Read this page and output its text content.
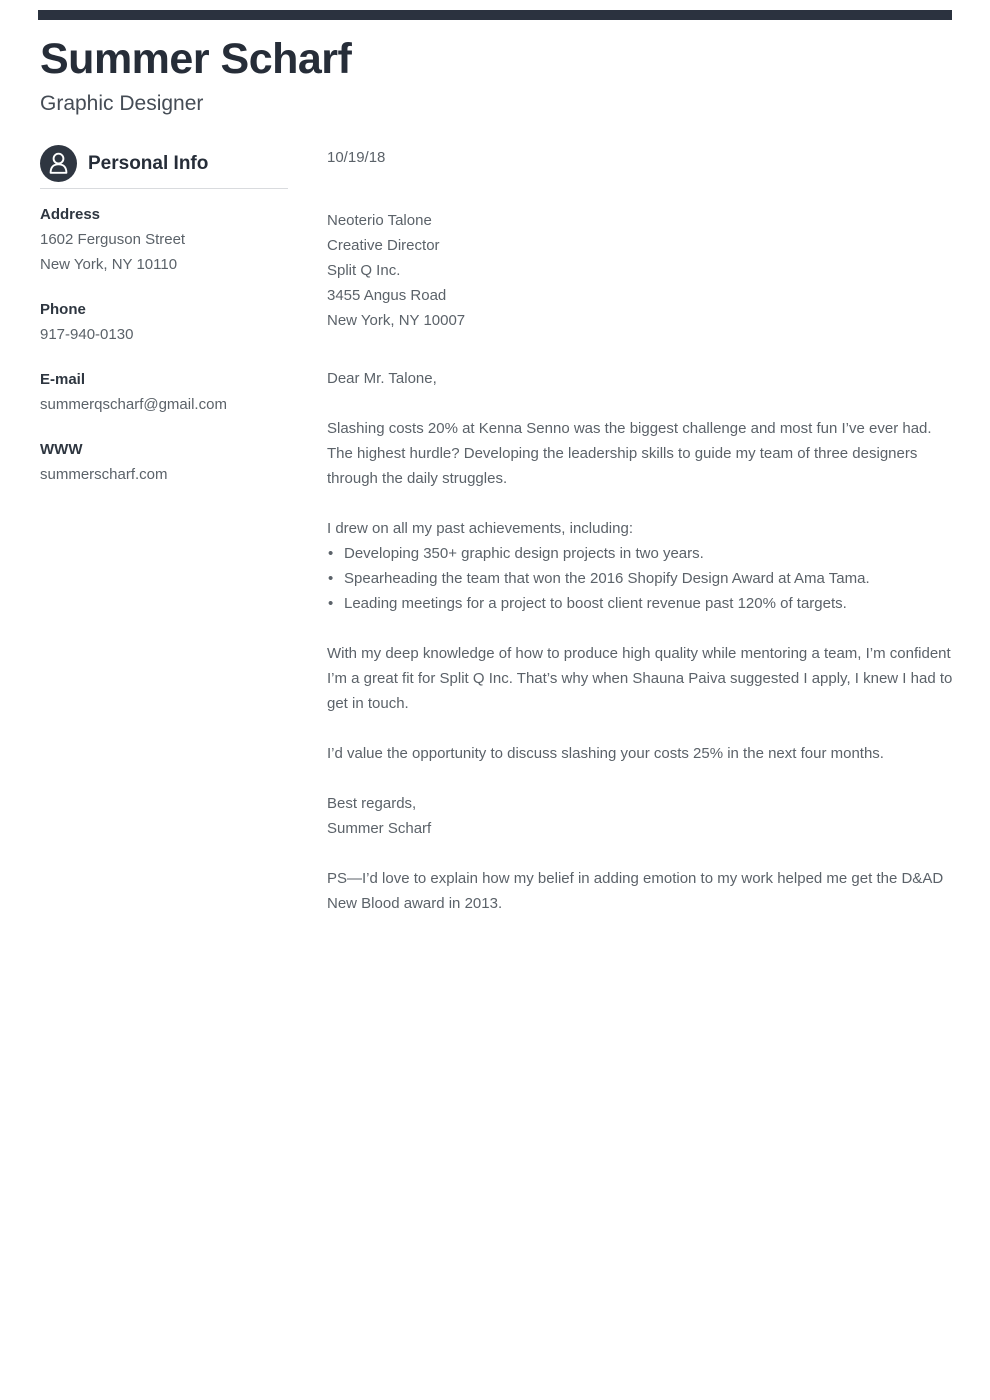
Summer Scharf
Graphic Designer
Personal Info
Address
1602 Ferguson Street
New York, NY 10110
Phone
917-940-0130
E-mail
summerqscharf@gmail.com
WWW
summerscharf.com

10/19/18

Neoterio Talone
Creative Director
Split Q Inc.
3455 Angus Road
New York, NY 10007

Dear Mr. Talone,

Slashing costs 20% at Kenna Senno was the biggest challenge and most fun I’ve ever had. The highest hurdle? Developing the leadership skills to guide my team of three designers through the daily struggles.

I drew on all my past achievements, including:

• Developing 350+ graphic design projects in two years.
• Spearheading the team that won the 2016 Shopify Design Award at Ama Tama.
• Leading meetings for a project to boost client revenue past 120% of targets.

With my deep knowledge of how to produce high quality while mentoring a team, I’m confident I’m a great fit for Split Q Inc. That’s why when Shauna Paiva suggested I apply, I knew I had to get in touch.

I’d value the opportunity to discuss slashing your costs 25% in the next four months.

Best regards,
Summer Scharf

PS—I’d love to explain how my belief in adding emotion to my work helped me get the D&AD New Blood award in 2013.
